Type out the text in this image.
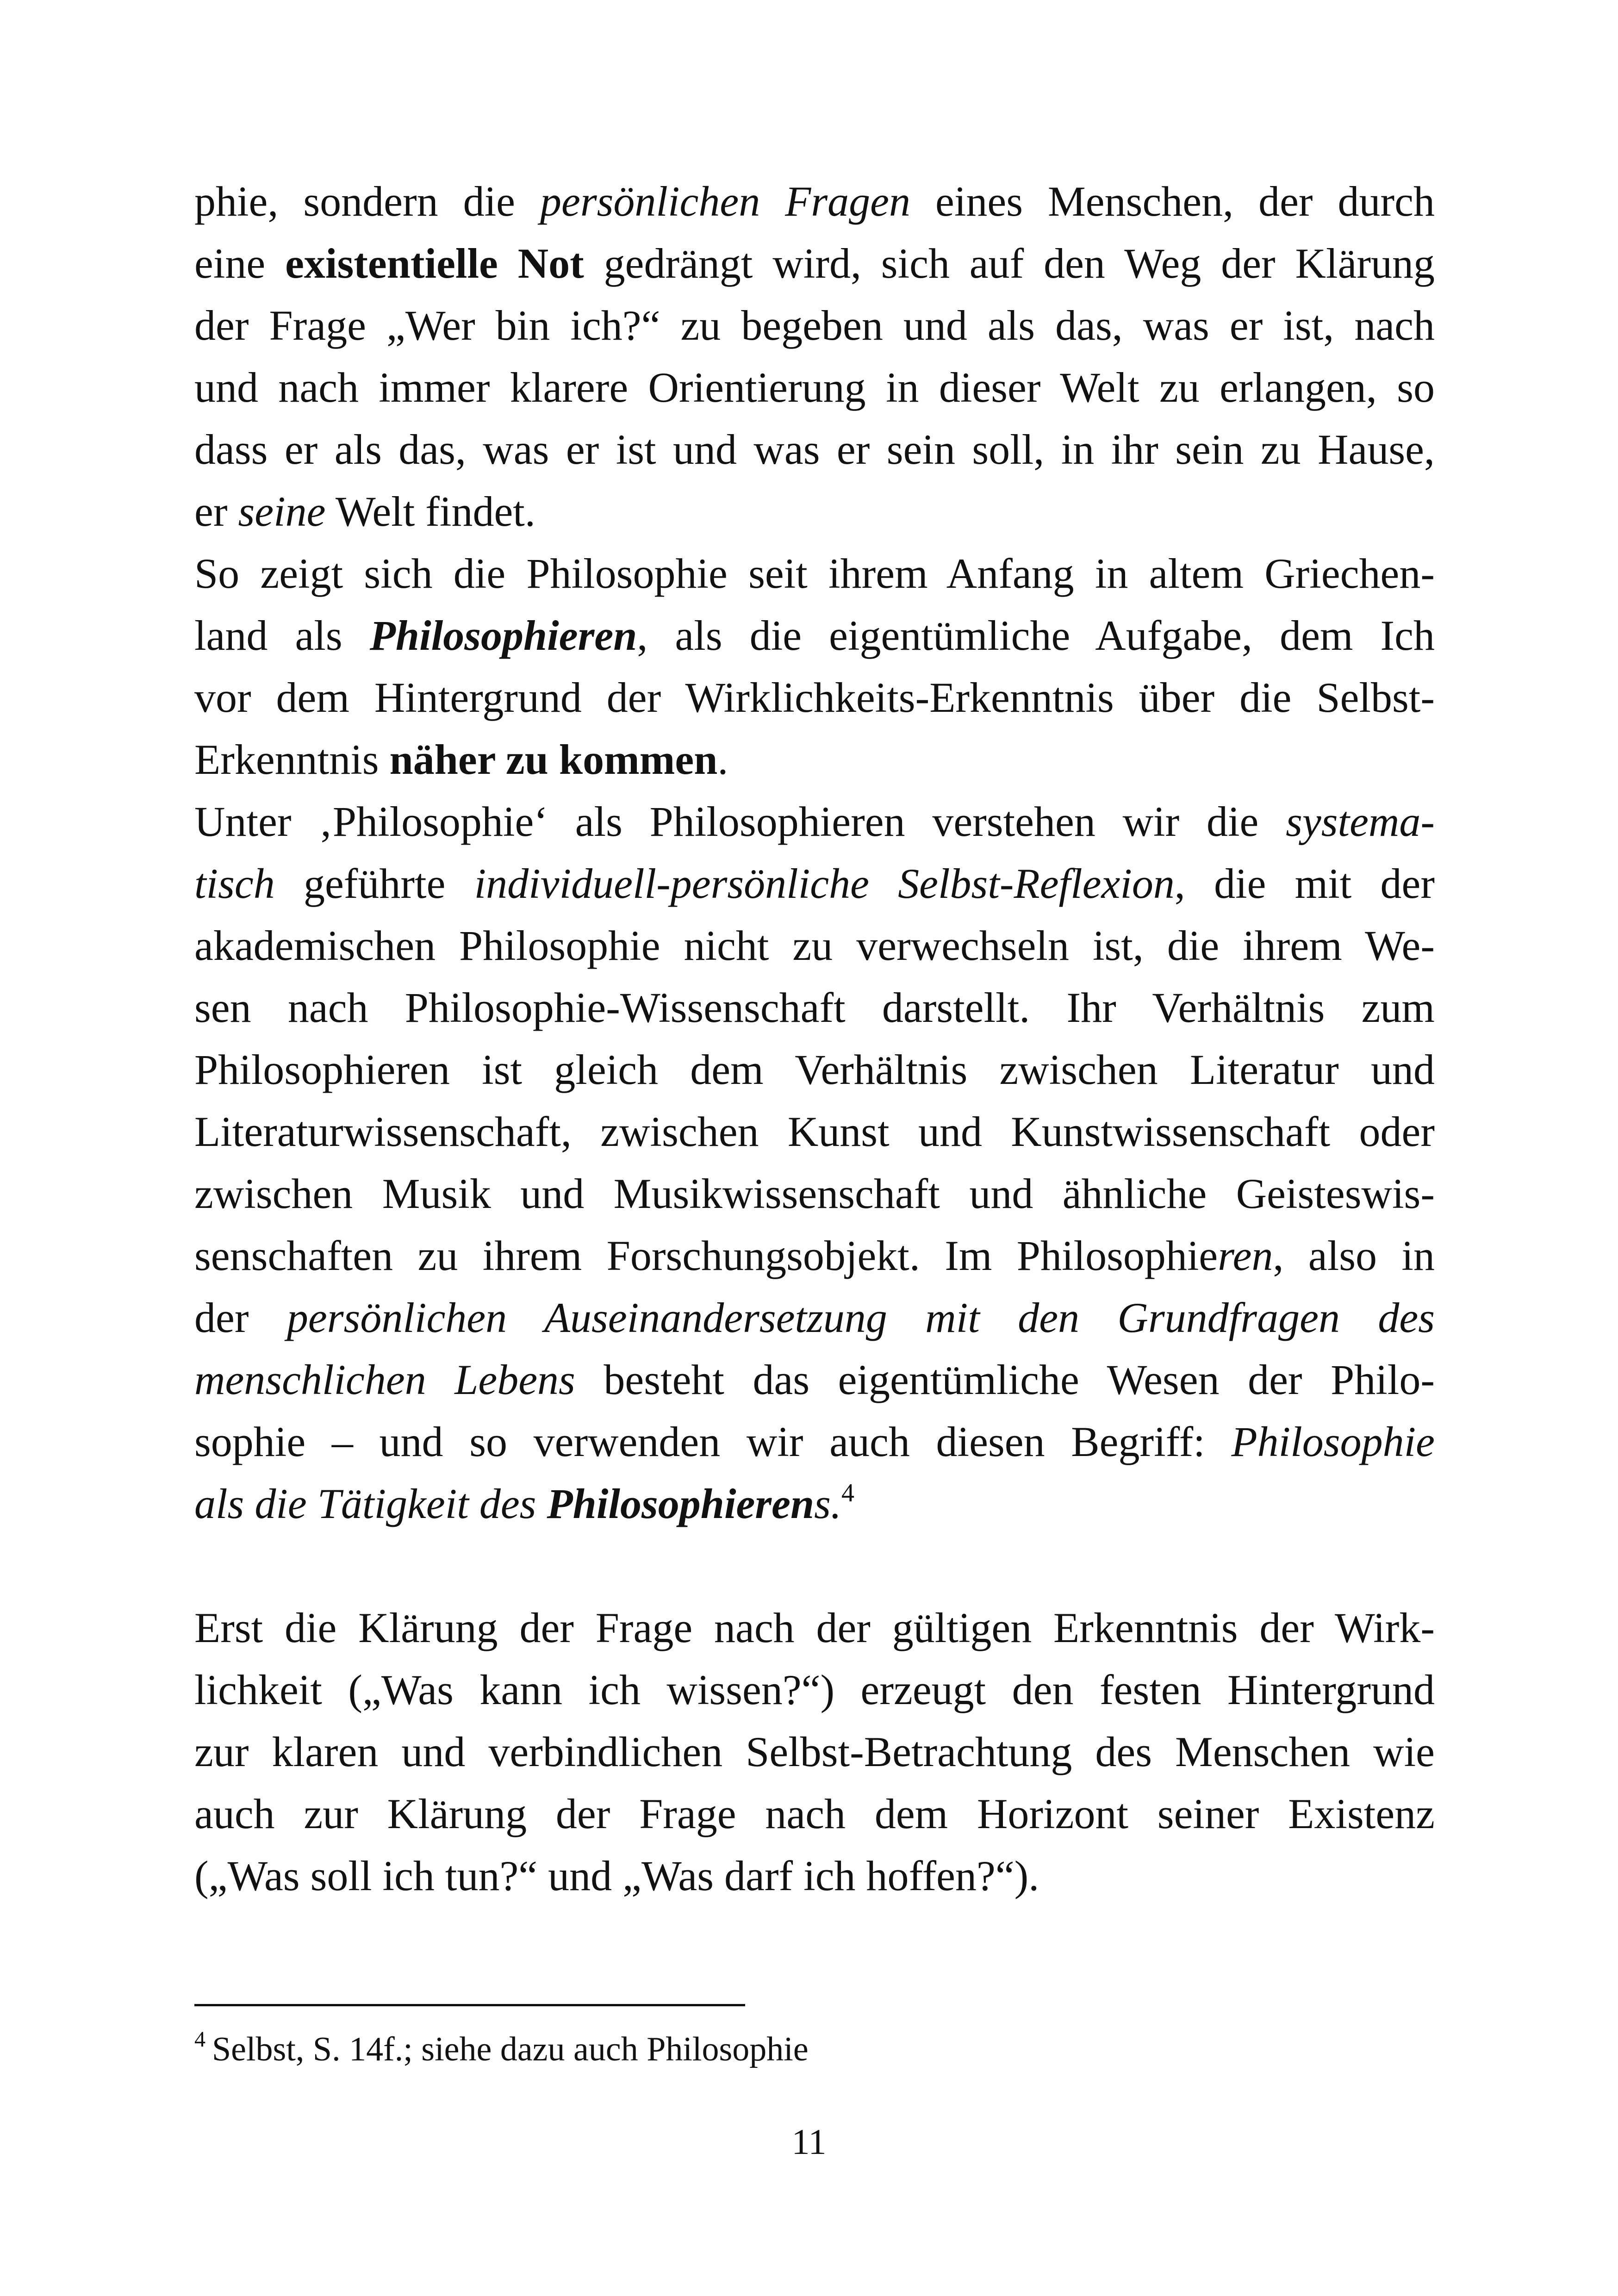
phie, sondern die persönlichen Fragen eines Menschen, der durch
eine existentielle Not gedrängt wird, sich auf den Weg der Klärung
der Frage „Wer bin ich?“ zu begeben und als das, was er ist, nach
und nach immer klarere Orientierung in dieser Welt zu erlangen, so
dass er als das, was er ist und was er sein soll, in ihr sein zu Hause,
er seine Welt findet.
So zeigt sich die Philosophie seit ihrem Anfang in altem Griechen-
land als Philosophieren, als die eigentümliche Aufgabe, dem Ich
vor dem Hintergrund der Wirklichkeits-Erkenntnis über die Selbst-
Erkenntnis näher zu kommen.
Unter ‚Philosophie‘ als Philosophieren verstehen wir die systema-
tisch geführte individuell-persönliche Selbst-Reflexion, die mit der
akademischen Philosophie nicht zu verwechseln ist, die ihrem We-
sen nach Philosophie-Wissenschaft darstellt. Ihr Verhältnis zum
Philosophieren ist gleich dem Verhältnis zwischen Literatur und
Literaturwissenschaft, zwischen Kunst und Kunstwissenschaft oder
zwischen Musik und Musikwissenschaft und ähnliche Geisteswis-
senschaften zu ihrem Forschungsobjekt. Im Philosophieren, also in
der persönlichen Auseinandersetzung mit den Grundfragen des
menschlichen Lebens besteht das eigentümliche Wesen der Philo-
sophie – und so verwenden wir auch diesen Begriff: Philosophie
als die Tätigkeit des Philosophierens.$^4$
Erst die Klärung der Frage nach der gültigen Erkenntnis der Wirk-
lichkeit („Was kann ich wissen?“) erzeugt den festen Hintergrund
zur klaren und verbindlichen Selbst-Betrachtung des Menschen wie
auch zur Klärung der Frage nach dem Horizont seiner Existenz
(„Was soll ich tun?“ und „Was darf ich hoffen?“).
$^4$ Selbst, S. 14f.; siehe dazu auch Philosophie
11
